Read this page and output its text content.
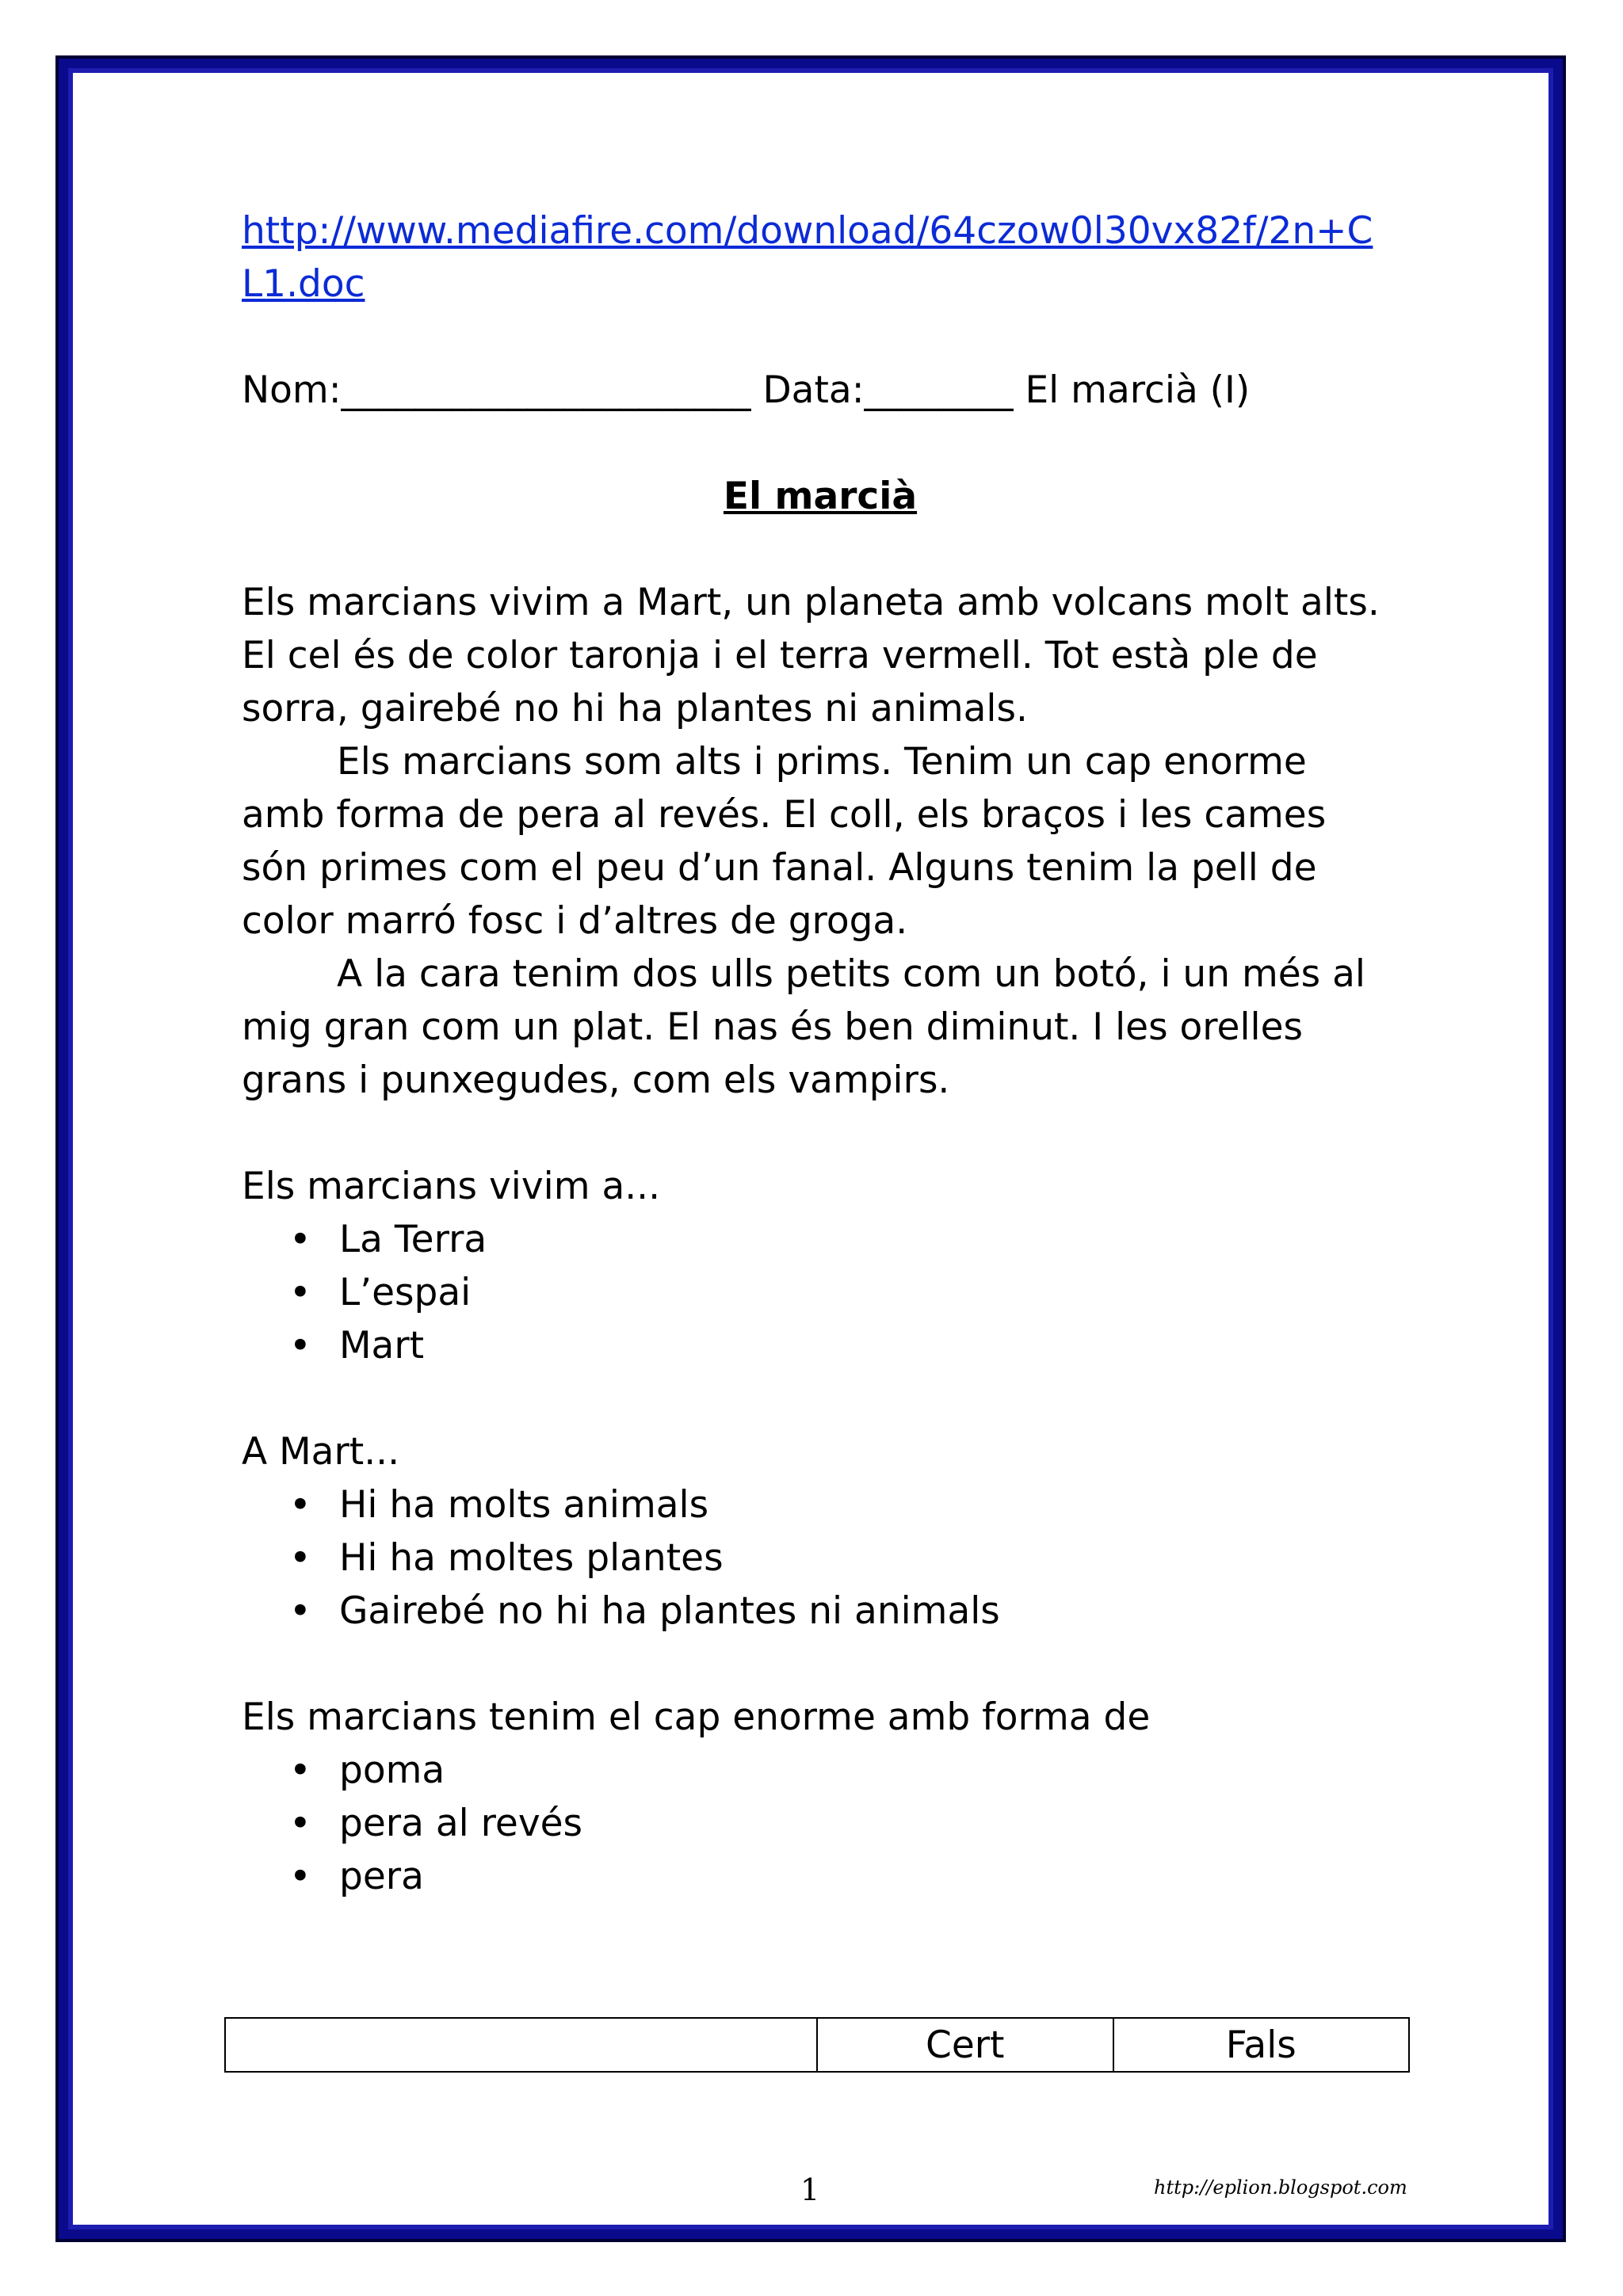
http://www.mediafire.com/download/64czow0l30vx82f/2n+CL1.doc

Nom:______________________ Data:________ El marcià (I)

El marcià

Els marcians vivim a Mart, un planeta amb volcans molt alts. El cel és de color taronja i el terra vermell. Tot està ple de sorra, gairebé no hi ha plantes ni animals.

Els marcians som alts i prims. Tenim un cap enorme amb forma de pera al revés. El coll, els braços i les cames són primes com el peu d’un fanal. Alguns tenim la pell de color marró fosc i d’altres de groga.

A la cara tenim dos ulls petits com un botó, i un més al mig gran com un plat. El nas és ben diminut. I les orelles grans i punxegudes, com els vampirs.

Els marcians vivim a...

• La Terra
• L’espai
• Mart

A Mart...

• Hi ha molts animals
• Hi ha moltes plantes
• Gairebé no hi ha plantes ni animals

Els marcians tenim el cap enorme amb forma de

• poma
• pera al revés
• pera
	Cert	Fals
1	http://eplion.blogspot.com
